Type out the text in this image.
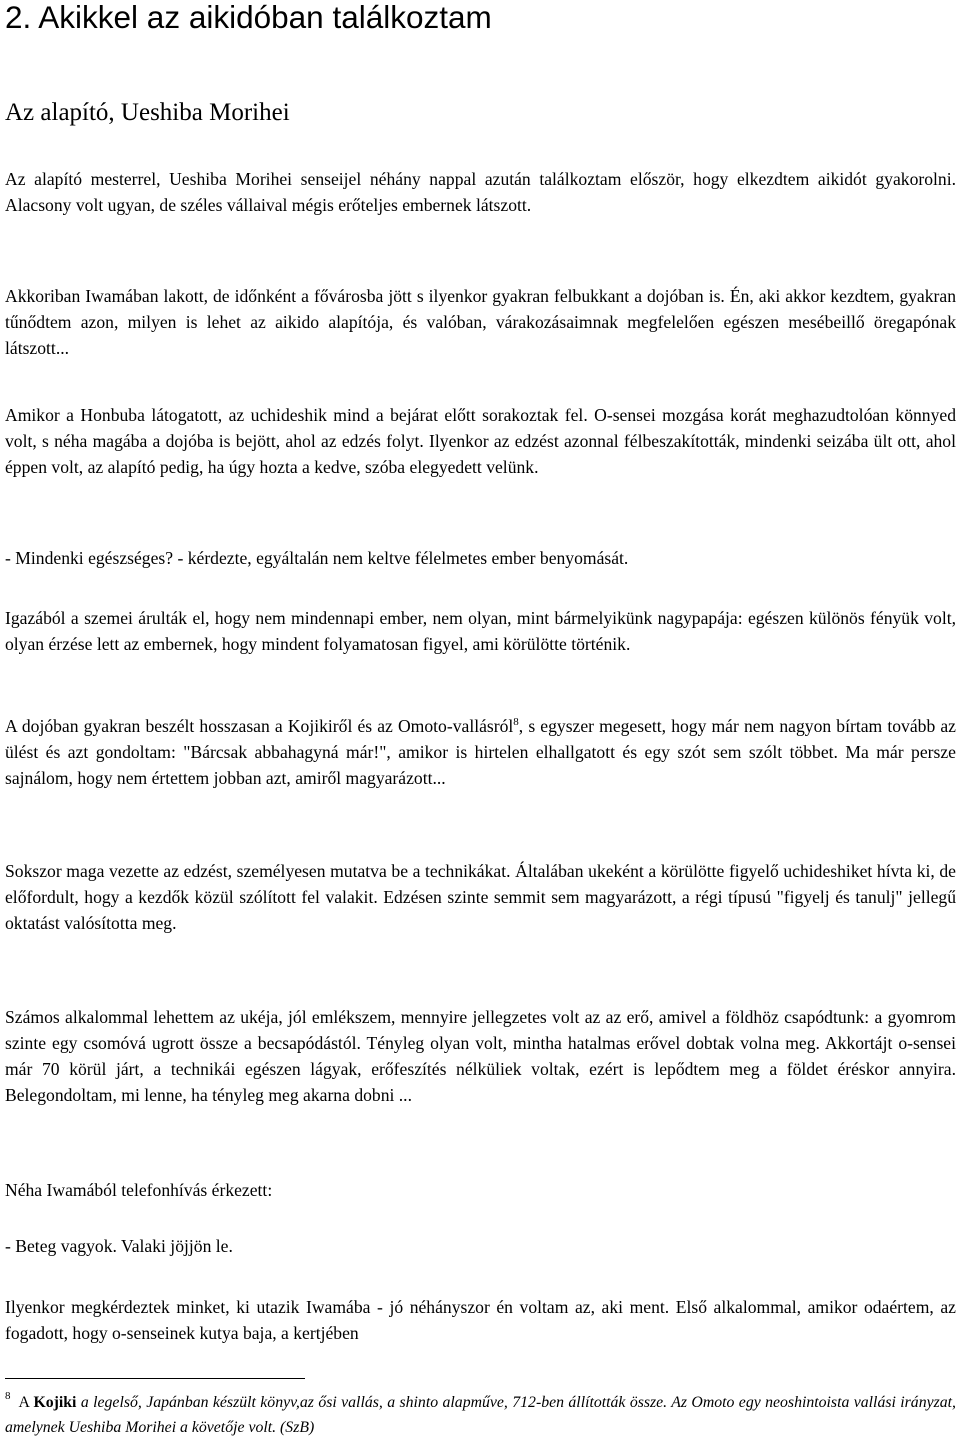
2. Akikkel az aikidóban találkoztam
Az alapító, Ueshiba Morihei

Az alapító mesterrel, Ueshiba Morihei senseijel néhány nappal azután találkoztam először, hogy elkezdtem aikidót gyakorolni. Alacsony volt ugyan, de széles vállaival mégis erőteljes embernek látszott.

Akkoriban Iwamában lakott, de időnként a fővárosba jött s ilyenkor gyakran felbukkant a dojóban is. Én, aki akkor kezdtem, gyakran tűnődtem azon, milyen is lehet az aikido alapítója, és valóban, várakozásaimnak megfelelően egészen mesébeillő öregapónak látszott...

Amikor a Honbuba látogatott, az uchideshik mind a bejárat előtt sorakoztak fel. O-sensei mozgása korát meghazudtolóan könnyed volt, s néha magába a dojóba is bejött, ahol az edzés folyt. Ilyenkor az edzést azonnal félbeszakították, mindenki seizába ült ott, ahol éppen volt, az alapító pedig, ha úgy hozta a kedve, szóba elegyedett velünk.

- Mindenki egészséges? - kérdezte, egyáltalán nem keltve félelmetes ember benyomását.

Igazából a szemei árulták el, hogy nem mindennapi ember, nem olyan, mint bármelyikünk nagypapája: egészen különös fényük volt, olyan érzése lett az embernek, hogy mindent folyamatosan figyel, ami körülötte történik.

A dojóban gyakran beszélt hosszasan a Kojikiről és az Omoto-vallásról$^8$, s egyszer megesett, hogy már nem nagyon bírtam tovább az ülést és azt gondoltam: "Bárcsak abbahagyná már!", amikor is hirtelen elhallgatott és egy szót sem szólt többet. Ma már persze sajnálom, hogy nem értettem jobban azt, amiről magyarázott...

Sokszor maga vezette az edzést, személyesen mutatva be a technikákat. Általában ukeként a körülötte figyelő uchideshiket hívta ki, de előfordult, hogy a kezdők közül szólított fel valakit. Edzésen szinte semmit sem magyarázott, a régi típusú "figyelj és tanulj" jellegű oktatást valósította meg.

Számos alkalommal lehettem az ukéja, jól emlékszem, mennyire jellegzetes volt az az erő, amivel a földhöz csapódtunk: a gyomrom szinte egy csomóvá ugrott össze a becsapódástól. Tényleg olyan volt, mintha hatalmas erővel dobtak volna meg. Akkortájt o-sensei már 70 körül járt, a technikái egészen lágyak, erőfeszítés nélküliek voltak, ezért is lepődtem meg a földet éréskor annyira. Belegondoltam, mi lenne, ha tényleg meg akarna dobni ...

Néha Iwamából telefonhívás érkezett:

- Beteg vagyok. Valaki jöjjön le.

Ilyenkor megkérdeztek minket, ki utazik Iwamába - jó néhányszor én voltam az, aki ment. Első alkalommal, amikor odaértem, az fogadott, hogy o-senseinek kutya baja, a kertjében

$^8$ A Kojiki a legelső, Japánban készült könyv,az ősi vallás, a shinto alapműve, 712-ben állították össze. Az Omoto egy neoshintoista vallási irányzat, amelynek Ueshiba Morihei a követője volt. (SzB)
